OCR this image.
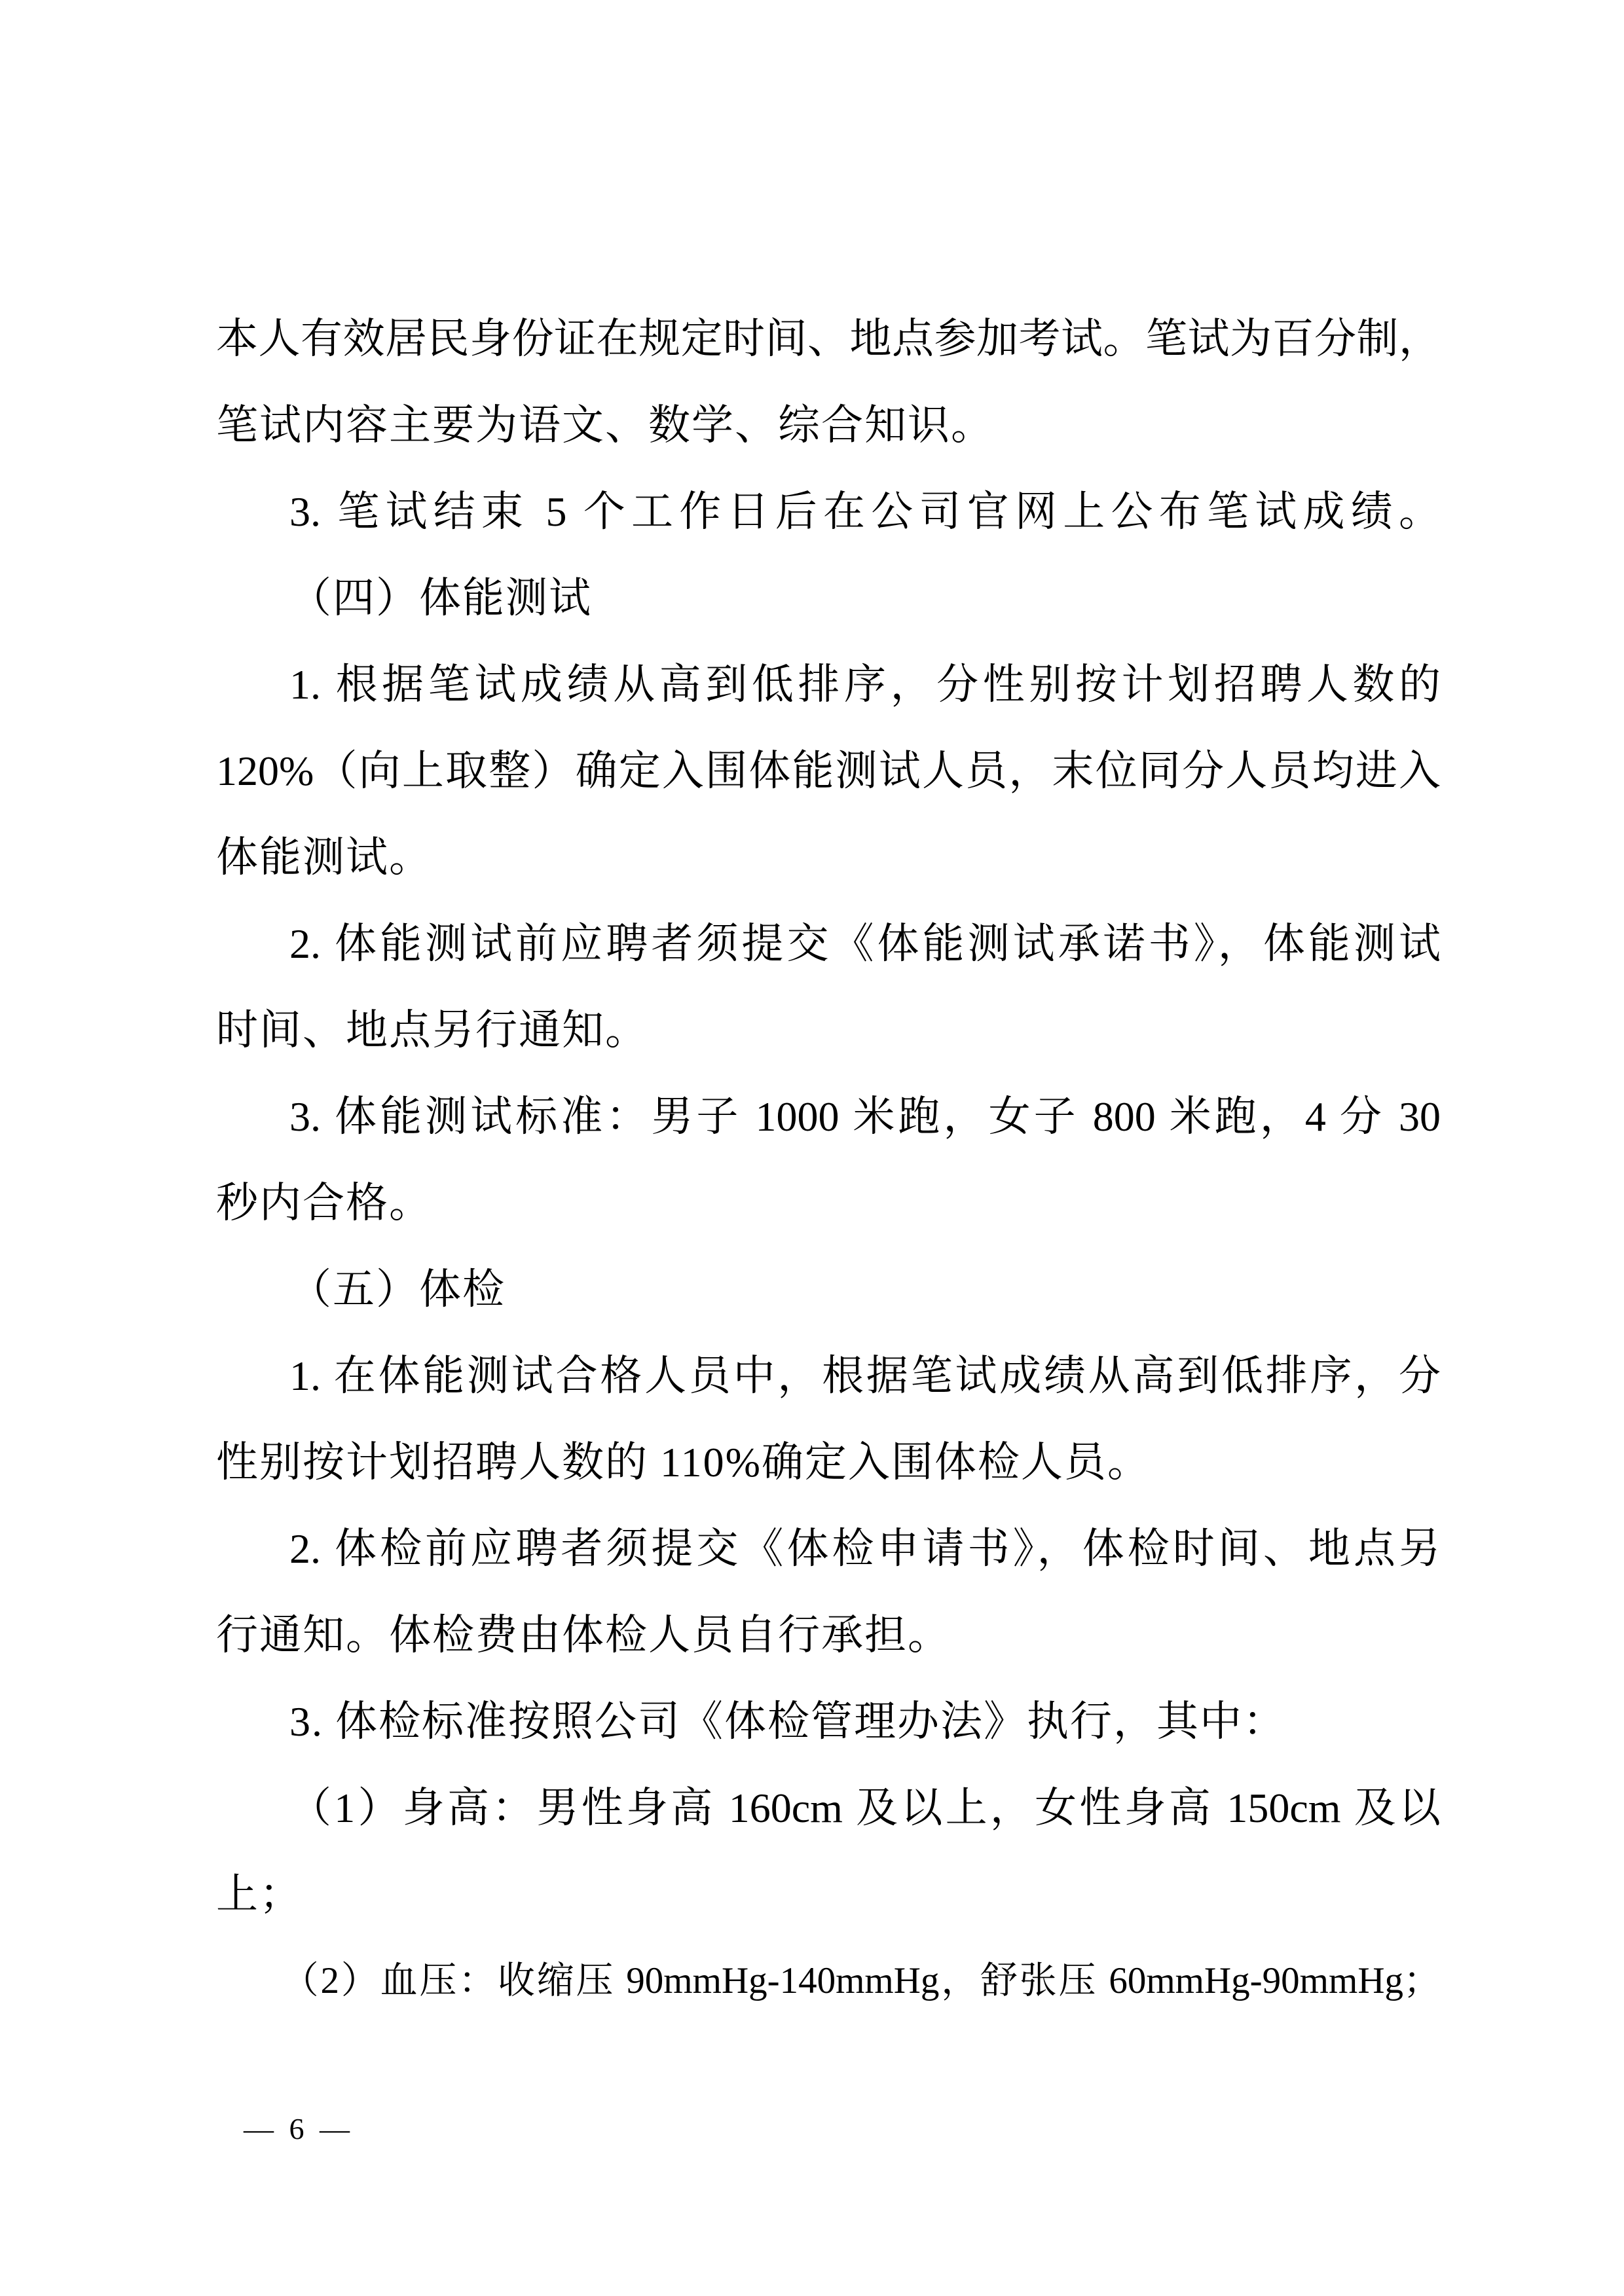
本人有效居民身份证在规定时间、地点参加考试。笔试为百分制，

笔试内容主要为语文、数学、综合知识。

3. 笔试结束 5 个工作日后在公司官网上公布笔试成绩。

（四）体能测试

1. 根据笔试成绩从高到低排序，分性别按计划招聘人数的

120%（向上取整）确定入围体能测试人员，末位同分人员均进入

体能测试。

2. 体能测试前应聘者须提交《体能测试承诺书》，体能测试

时间、地点另行通知。

3. 体能测试标准：男子 1000 米跑，女子 800 米跑，4 分 30

秒内合格。

（五）体检

1. 在体能测试合格人员中，根据笔试成绩从高到低排序，分

性别按计划招聘人数的 110%确定入围体检人员。

2. 体检前应聘者须提交《体检申请书》，体检时间、地点另

行通知。体检费由体检人员自行承担。

3. 体检标准按照公司《体检管理办法》执行，其中：

（1）身高：男性身高 160cm 及以上，女性身高 150cm 及以

上；

（2）血压：收缩压 90mmHg-140mmHg，舒张压 60mmHg-90mmHg；

— 6 —
